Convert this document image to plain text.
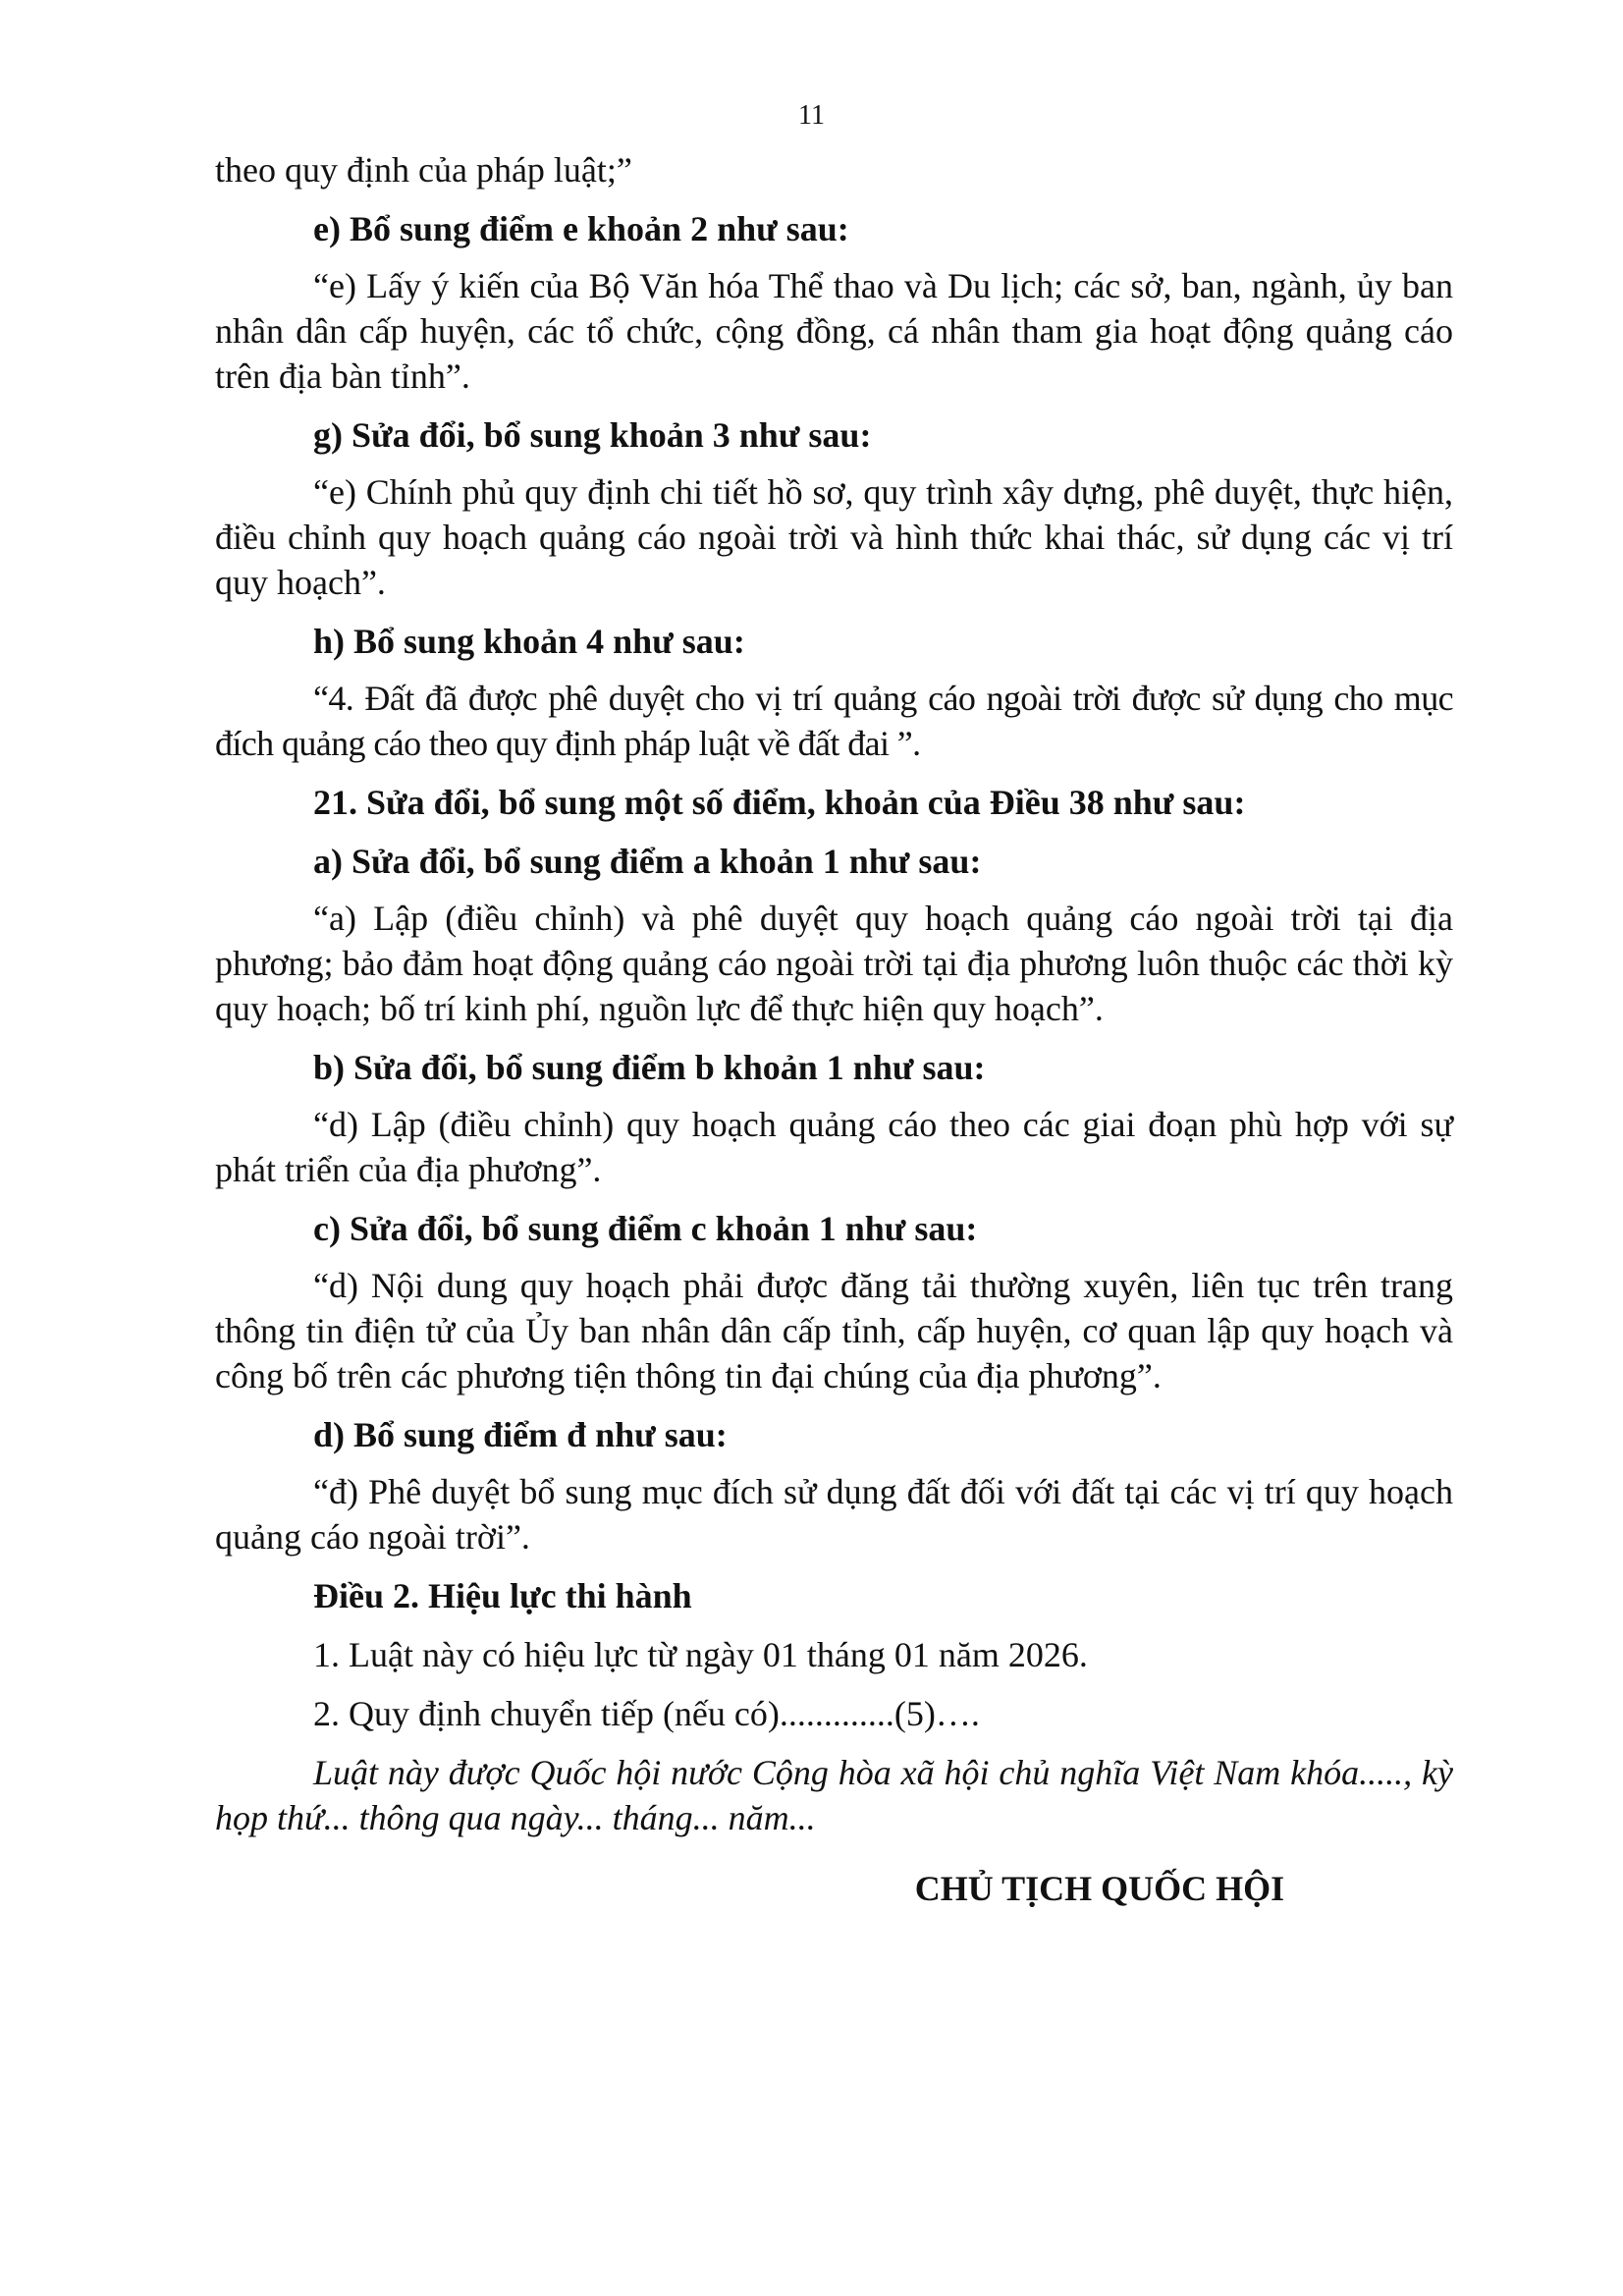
11

theo quy định của pháp luật;”

e) Bổ sung điểm e khoản 2 như sau:

“e) Lấy ý kiến của Bộ Văn hóa Thể thao và Du lịch; các sở, ban, ngành, ủy ban nhân dân cấp huyện, các tổ chức, cộng đồng, cá nhân tham gia hoạt động quảng cáo trên địa bàn tỉnh”.

g) Sửa đổi, bổ sung khoản 3 như sau:

“e) Chính phủ quy định chi tiết hồ sơ, quy trình xây dựng, phê duyệt, thực hiện, điều chỉnh quy hoạch quảng cáo ngoài trời và hình thức khai thác, sử dụng các vị trí quy hoạch”.

h) Bổ sung khoản 4 như sau:

“4. Đất đã được phê duyệt cho vị trí quảng cáo ngoài trời được sử dụng cho mục đích quảng cáo theo quy định pháp luật về đất đai ”.

21. Sửa đổi, bổ sung một số điểm, khoản của Điều 38 như sau:

a) Sửa đổi, bổ sung điểm a khoản 1 như sau:

“a) Lập (điều chỉnh) và phê duyệt quy hoạch quảng cáo ngoài trời tại địa phương; bảo đảm hoạt động quảng cáo ngoài trời tại địa phương luôn thuộc các thời kỳ quy hoạch; bố trí kinh phí, nguồn lực để thực hiện quy hoạch”.

b) Sửa đổi, bổ sung điểm b khoản 1 như sau:

“d) Lập (điều chỉnh) quy hoạch quảng cáo theo các giai đoạn phù hợp với sự phát triển của địa phương”.

c) Sửa đổi, bổ sung điểm c khoản 1 như sau:

“d) Nội dung quy hoạch phải được đăng tải thường xuyên, liên tục trên trang thông tin điện tử của Ủy ban nhân dân cấp tỉnh, cấp huyện, cơ quan lập quy hoạch và công bố trên các phương tiện thông tin đại chúng của địa phương”.

d) Bổ sung điểm đ như sau:

“đ) Phê duyệt bổ sung mục đích sử dụng đất đối với đất tại các vị trí quy hoạch quảng cáo ngoài trời”.

Điều 2. Hiệu lực thi hành

1. Luật này có hiệu lực từ ngày 01 tháng 01 năm 2026.

2. Quy định chuyển tiếp (nếu có).............(5)….

Luật này được Quốc hội nước Cộng hòa xã hội chủ nghĩa Việt Nam khóa....., kỳ họp thứ... thông qua ngày... tháng... năm...

CHỦ TỊCH QUỐC HỘI
